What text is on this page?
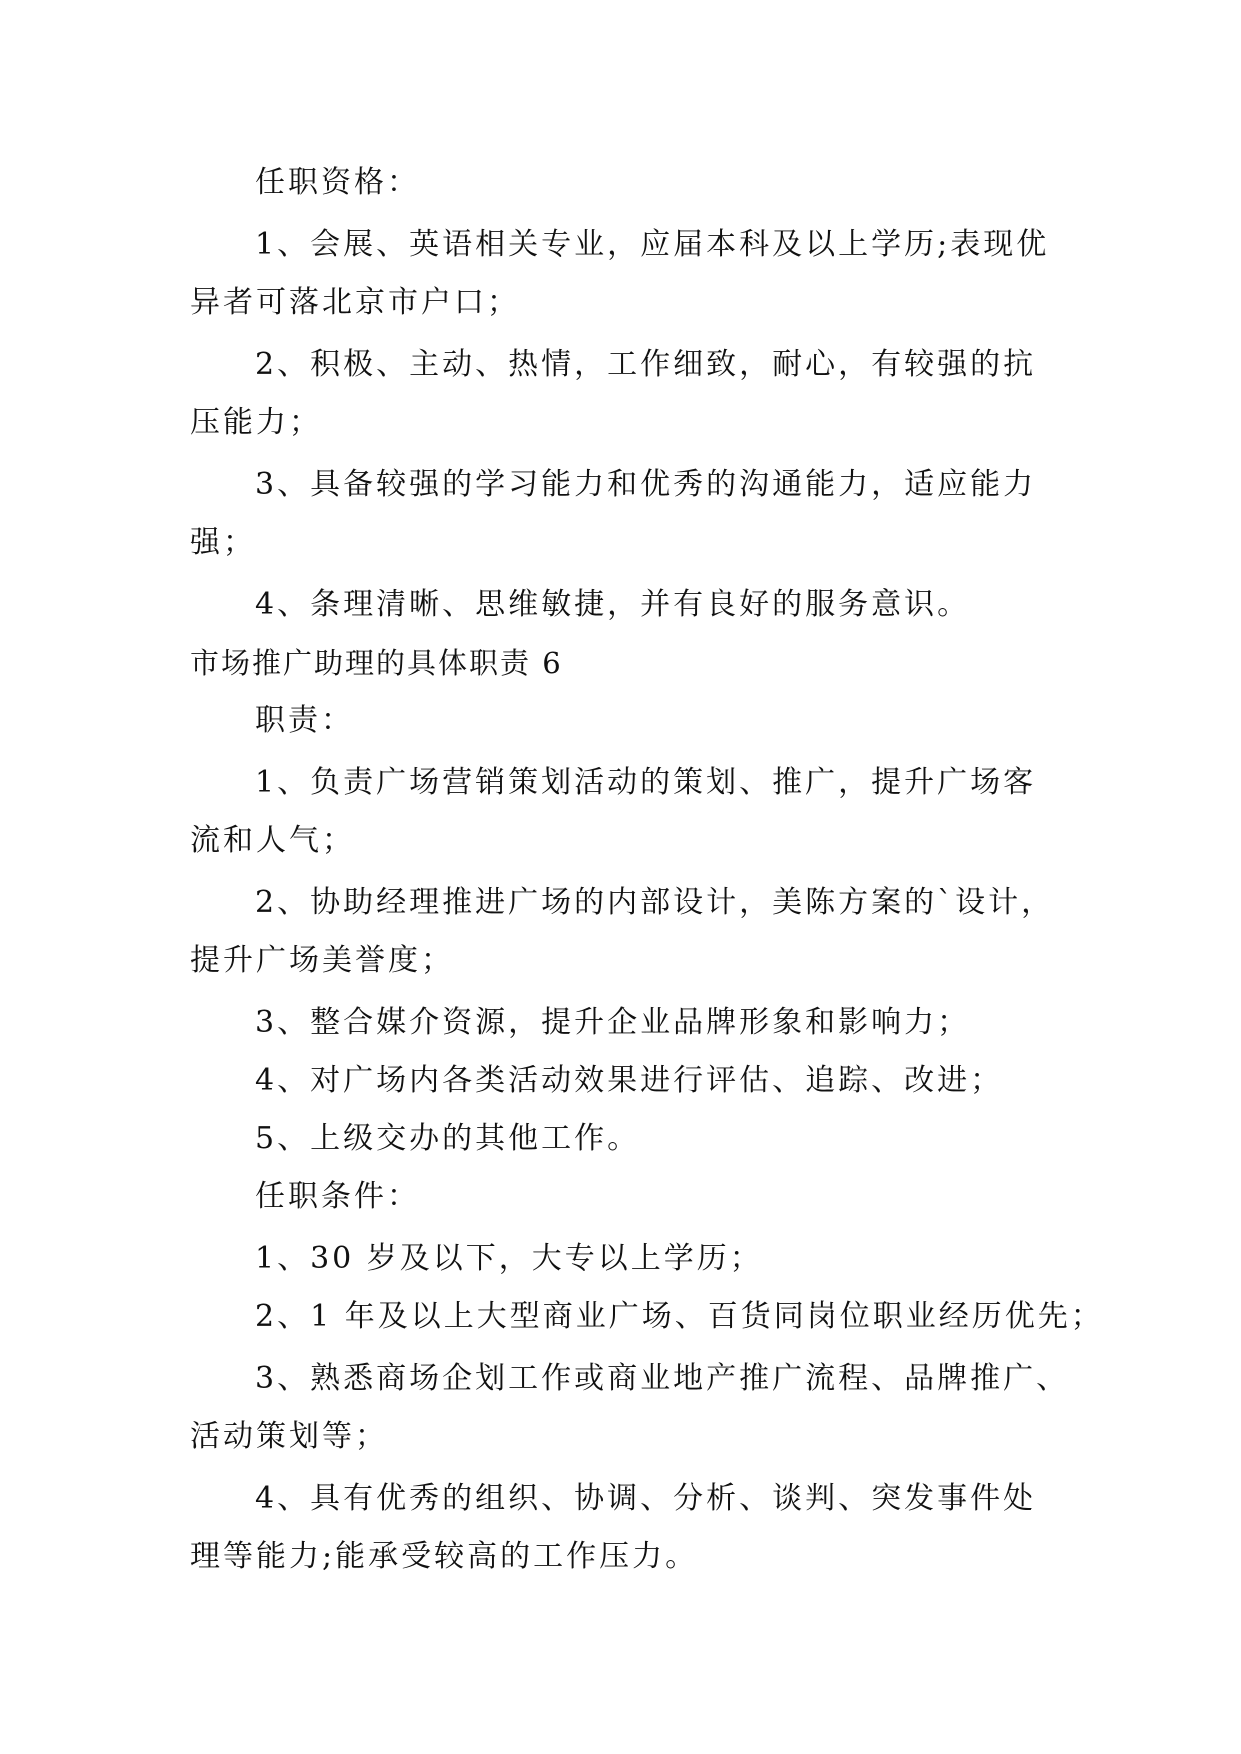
任职资格：
1、会展、英语相关专业，应届本科及以上学历;表现优
异者可落北京市户口；
2、积极、主动、热情，工作细致，耐心，有较强的抗
压能力；
3、具备较强的学习能力和优秀的沟通能力，适应能力
强；
4、条理清晰、思维敏捷，并有良好的服务意识。
市场推广助理的具体职责 6
职责：
1、负责广场营销策划活动的策划、推广，提升广场客
流和人气；
2、协助经理推进广场的内部设计，美陈方案的`设计，
提升广场美誉度；
3、整合媒介资源，提升企业品牌形象和影响力；
4、对广场内各类活动效果进行评估、追踪、改进；
5、上级交办的其他工作。
任职条件：
1、30 岁及以下，大专以上学历；
2、1 年及以上大型商业广场、百货同岗位职业经历优先；
3、熟悉商场企划工作或商业地产推广流程、品牌推广、
活动策划等；
4、具有优秀的组织、协调、分析、谈判、突发事件处
理等能力;能承受较高的工作压力。
